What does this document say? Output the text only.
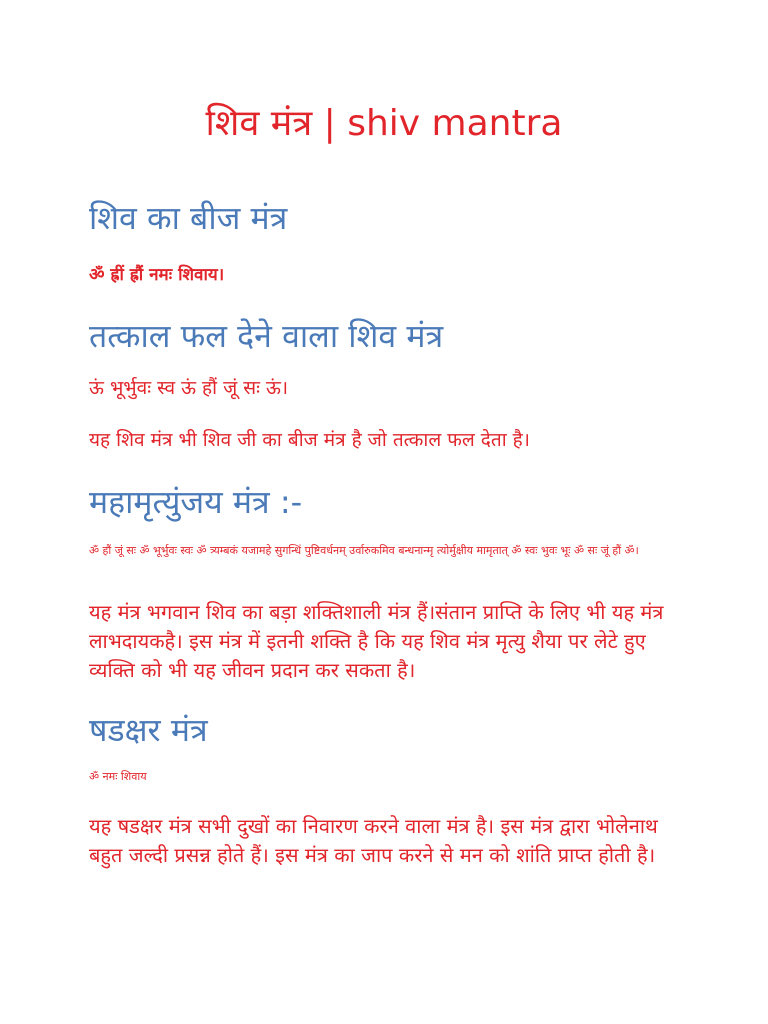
शिव मंत्र | shiv mantra
शिव का बीज मंत्र
ॐ ह्रीं ह्रौं नमः शिवाय।
तत्काल फल देने वाला शिव मंत्र
ऊं भूर्भुवः स्व ऊं हौं जूं सः ऊं।
यह शिव मंत्र भी शिव जी का बीज मंत्र है जो तत्काल फल देता है।
महामृत्युंजय मंत्र :-
ॐ हौं जूं सः ॐ भूर्भुवः स्वः ॐ त्र्यम्बकं यजामहे सुगन्धिं पुष्टिवर्धनम् उर्वारुकमिव बन्धनान्मृ त्योर्मुक्षीय मामृतात् ॐ स्वः भुवः भूः ॐ सः जूं हौं ॐ।
यह मंत्र भगवान शिव का बड़ा शक्तिशाली मंत्र हैं।संतान प्राप्ति के लिए भी यह मंत्र लाभदायकहै। इस मंत्र में इतनी शक्ति है कि यह शिव मंत्र मृत्यु शैया पर लेटे हुए व्यक्ति को भी यह जीवन प्रदान कर सकता है।
षडक्षर मंत्र
ॐ नमः शिवाय
यह षडक्षर मंत्र सभी दुखों का निवारण करने वाला मंत्र है। इस मंत्र द्वारा भोलेनाथ बहुत जल्दी प्रसन्न होते हैं। इस मंत्र का जाप करने से मन को शांति प्राप्त होती है।
